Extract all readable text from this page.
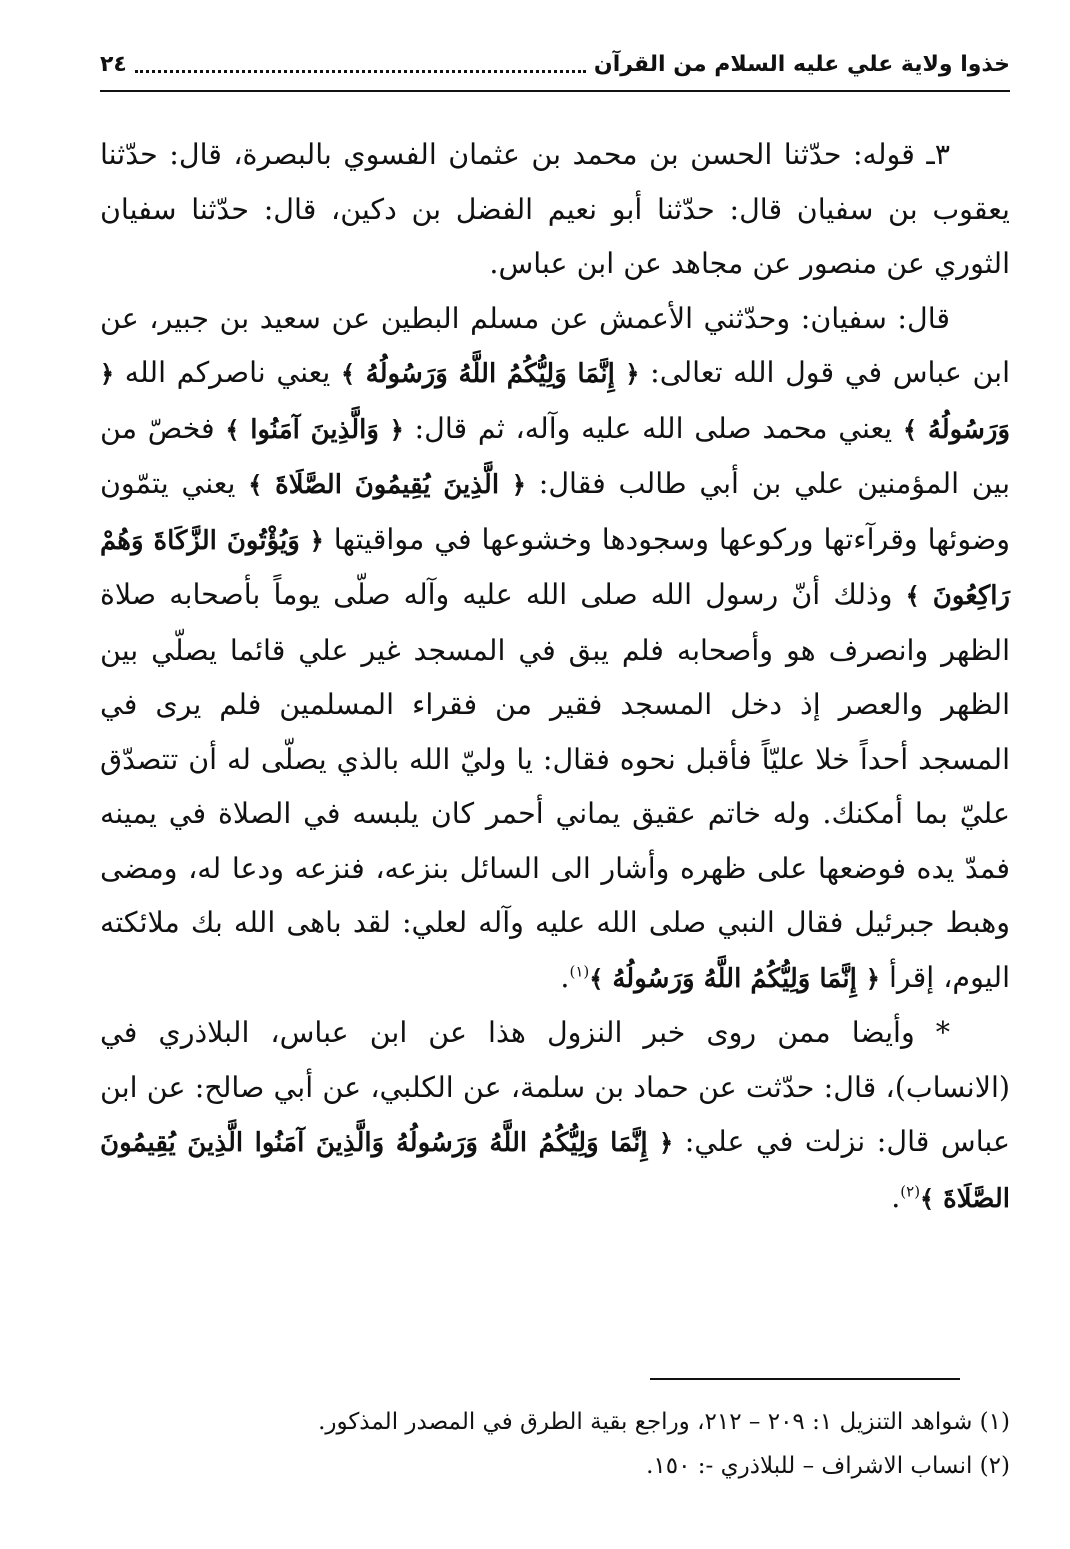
خذوا ولاية علي عليه السلام من القرآن
٢٤

٣ـ قوله: حدّثنا الحسن بن محمد بن عثمان الفسوي بالبصرة، قال: حدّثنا يعقوب بن سفيان قال: حدّثنا أبو نعيم الفضل بن دكين، قال: حدّثنا سفيان الثوري عن منصور عن مجاهد عن ابن عباس.

قال: سفيان: وحدّثني الأعمش عن مسلم البطين عن سعيد بن جبير، عن ابن عباس في قول الله تعالى: ﴿ إِنَّمَا وَلِيُّكُمُ اللَّهُ وَرَسُولُهُ ﴾ يعني ناصركم الله ﴿ وَرَسُولُهُ ﴾ يعني محمد صلى الله عليه وآله، ثم قال: ﴿ وَالَّذِينَ آمَنُوا ﴾ فخصّ من بين المؤمنين علي بن أبي طالب فقال: ﴿ الَّذِينَ يُقِيمُونَ الصَّلَاةَ ﴾ يعني يتمّون وضوئها وقرآءتها وركوعها وسجودها وخشوعها في مواقيتها ﴿ وَيُؤْتُونَ الزَّكَاةَ وَهُمْ رَاكِعُونَ ﴾ وذلك أنّ رسول الله صلى الله عليه وآله صلّى يوماً بأصحابه صلاة الظهر وانصرف هو وأصحابه فلم يبق في المسجد غير علي قائما يصلّي بين الظهر والعصر إذ دخل المسجد فقير من فقراء المسلمين فلم يرى في المسجد أحداً خلا عليّاً فأقبل نحوه فقال: يا وليّ الله بالذي يصلّى له أن تتصدّق عليّ بما أمكنك. وله خاتم عقيق يماني أحمر كان يلبسه في الصلاة في يمينه فمدّ يده فوضعها على ظهره وأشار الى السائل بنزعه، فنزعه ودعا له، ومضى وهبط جبرئيل فقال النبي صلى الله عليه وآله لعلي: لقد باهى الله بك ملائكته اليوم، إقرأ ﴿ إِنَّمَا وَلِيُّكُمُ اللَّهُ وَرَسُولُهُ ﴾$^{(١)}$.

* وأيضا ممن روى خبر النزول هذا عن ابن عباس، البلاذري في (الانساب)، قال: حدّثت عن حماد بن سلمة، عن الكلبي، عن أبي صالح: عن ابن عباس قال: نزلت في علي: ﴿ إِنَّمَا وَلِيُّكُمُ اللَّهُ وَرَسُولُهُ وَالَّذِينَ آمَنُوا الَّذِينَ يُقِيمُونَ الصَّلَاةَ ﴾$^{(٢)}$.

(١) شواهد التنزيل ١: ٢٠٩ – ٢١٢، وراجع بقية الطرق في المصدر المذكور.

(٢) انساب الاشراف – للبلاذري -: ١٥٠.
